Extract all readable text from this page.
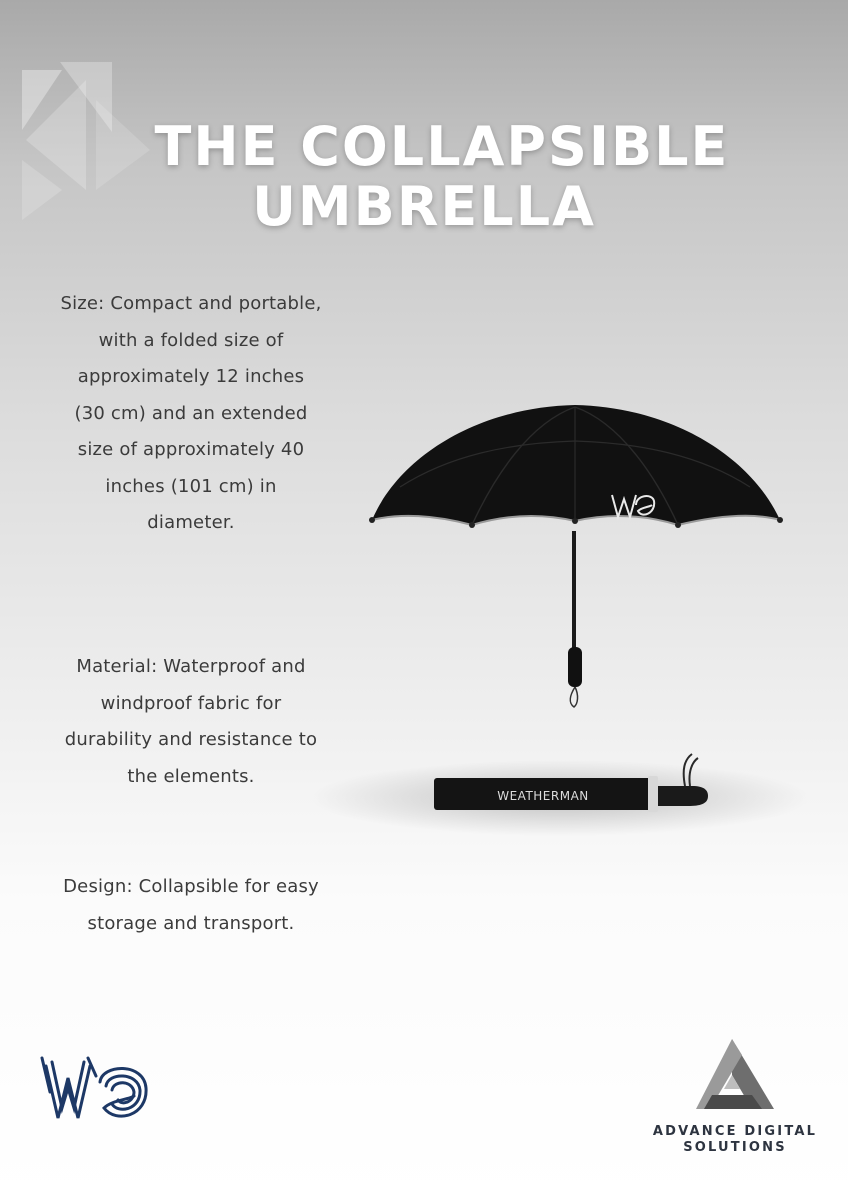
THE COLLAPSIBLE
UMBRELLA

Size: Compact and portable, with a folded size of approximately 12 inches (30 cm) and an extended size of approximately 40 inches (101 cm) in diameter.

Material: Waterproof and windproof fabric for durability and resistance to the elements.

Design: Collapsible for easy storage and transport.

WEATHERMAN

ADVANCE DIGITAL

SOLUTIONS
